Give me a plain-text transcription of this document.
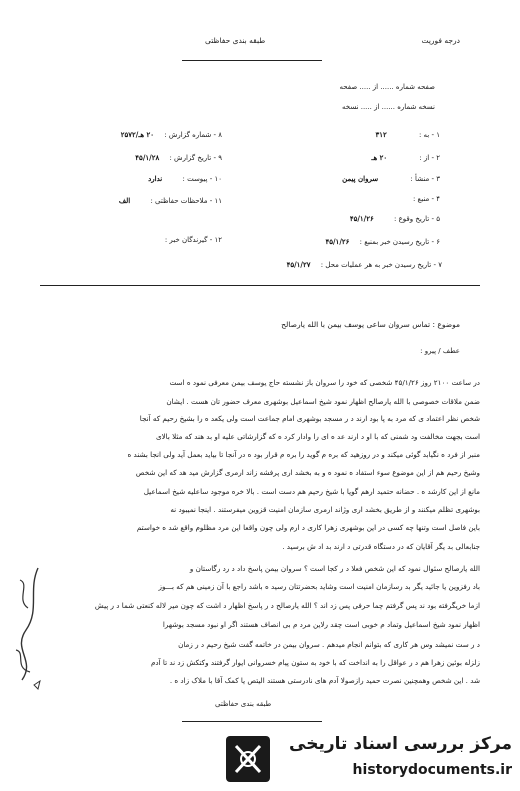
درجه فوریت
طبقه بندی حفاظتی
صفحه شماره ...... از ..... صفحه
نسخه شماره ...... از ..... نسخه
۱ - به : ۳۱۲
۲ - از : ۲۰ هـ
۳ - منشأ : سروان پیمن
۴ - منبع :
۵ - تاریخ وقوع : ۴۵/۱/۲۶
۶ - تاریخ رسیدن خبر بمنبع : ۴۵/۱/۲۶
۷ - تاریخ رسیدن خبر به هر عملیات محل : ۴۵/۱/۲۷
۸ - شماره گزارش : ۲۰ هـ/۲۵۷۲
۹ - تاریخ گزارش : ۴۵/۱/۲۸
۱۰ - پیوست : ندارد
۱۱ - ملاحظات حفاظتی : الف
۱۲ - گیرندگان خبر :
موضوع : تماس سروان ساعی یوسف بیمن با الله یارصالح
عطف / پیرو :
در ساعت ۲۱۰۰ روز ۴۵/۱/۲۶ شخصی که خود را سروان باز نشسته حاج یوسف بیمن معرفی نمود ه است
ضمن ملاقات خصوصی با الله یارصالح اظهار نمود شیخ اسماعیل بوشهری معرف حضور تان هست . ایشان
شخص نظر اعتماد ی که مرد به پا بود ارند د ر مسجد بوشهری امام جماعت است ولی یکعد ه را بشیخ رحیم که آنجا
است بجهت مخالفت ود شمنی که با او د ارند عد ه ای را وادار کرد ه که گزارشاتی علیه او بد هند که مثلا بالای
منبر از فرد ه نگیابد گوئی میکند و در روزهید که بره م گوید را بره م قرار بود ه در آنجا تا بیاید بعمل آید ولی انجا بشند ه
وشیخ رحیم هم از این موضوع سوء استفاد ه نمود ه و به بخشد اری پرفشه زاند ارمری گزارش مید هد که این شخص
مانع از این کارشد ه . حضانه حتمید ارهم گویا با شیخ رحیم هم دست است . بالا خره موجود ساعلیه شیخ اسماعیل
بوشهری تظلم میکنند و از طریق بخشد اری وژاند ارمری سازمان امنیت قزوین میفرستند . اینجا نمیبود نه
باین فاصل است وتنها چه کسی در این بوشهری زهرا کاری د ارم ولی چون واقعا این مرد مظلوم واقع شد ه خواستم
جنابعالی بد یگر آقایان که در دستگاه قدرتی د ارند بد اد ش برسید .
الله یارصالح سئوال نمود که این شخص فعلا د ر کجا است ؟ سروان بیمن پاسخ داد د رد رگاستان و
باد رفزوین یا جائید یگر بد رسازمان امنیت است وشاید بحضرتتان رسید ه باشد راجع با آن زمینی هم که بـــوز
ازما خریگرفته بود ند پس گرفتم چما حرفی پس زد اند ؟ الله یارصالح د ر پاسخ اظهار د اشت که چون میر لاله کنعتی شما د ر پیش
اظهار نمود شیخ اسماعیل وتماد م خوبی است چقد رلاین مرد م بی انصاف هستند اگر او نبود مسجد بوشهرا
د ر ست نمیشد وس هر کاری که بتوانم انجام میدهم . سروان بیمن در خاتمه گفت شیخ رحیم د ر زمان
زلزله بوئین زهرا هم د ر عواقل را به انداخت که با خود به ستون پیام خسروانی ایوار گرفتند وکتکش زد ند تا آدم
شد . این شخص وهمچنین نصرت حمید رازصولا آدم های نادرستی هستند الیتص یا کمک آقا با ملاک زاد ه .
طبقه بندی حفاظتی
مرکز بررسی اسناد تاریخی
historydocuments.ir
